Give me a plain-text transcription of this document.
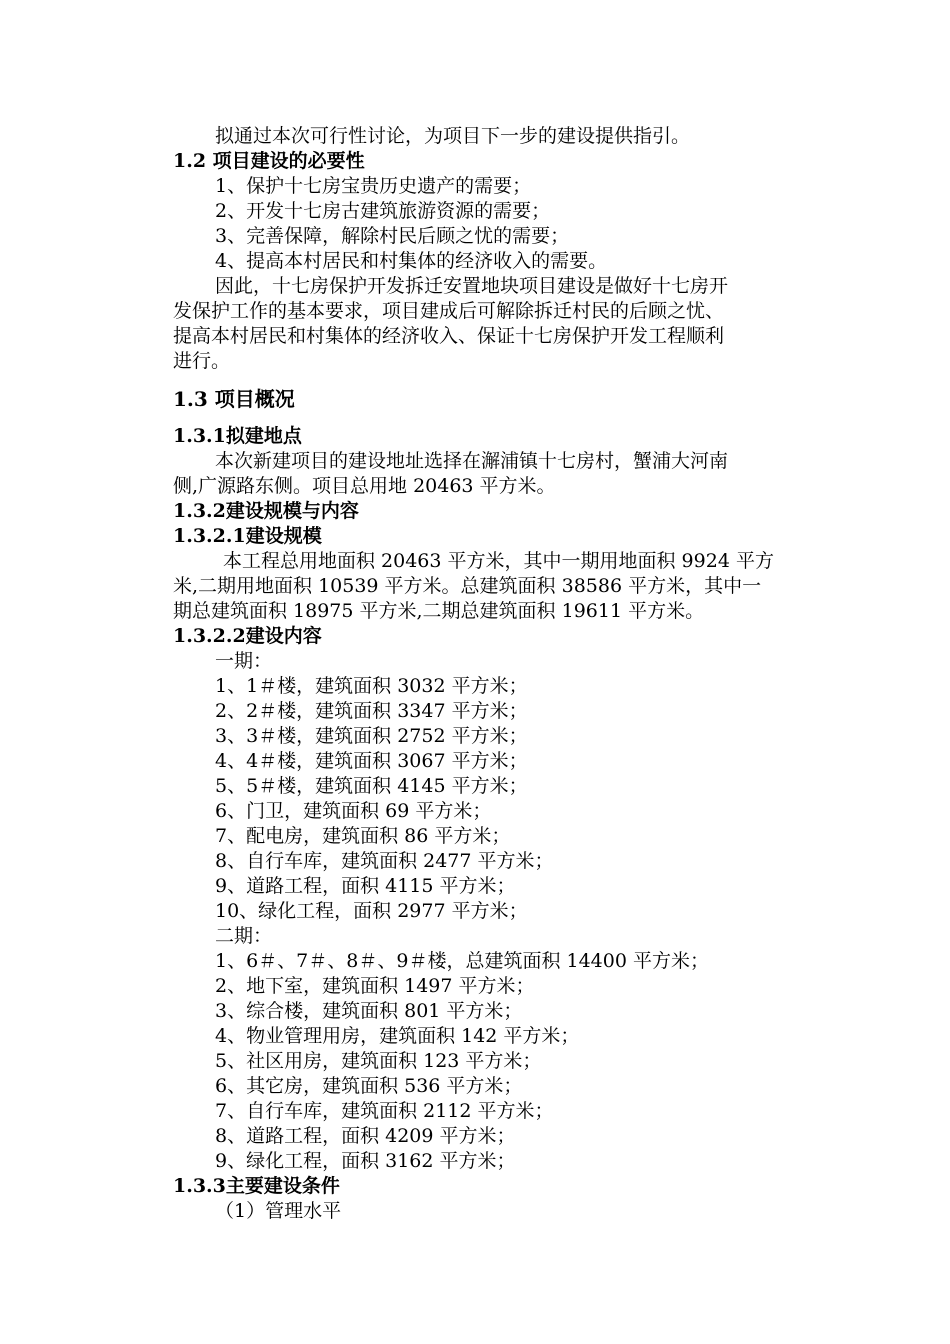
拟通过本次可行性讨论，为项目下一步的建设提供指引。
1.2 项目建设的必要性
1、保护十七房宝贵历史遗产的需要；
2、开发十七房古建筑旅游资源的需要；
3、完善保障，解除村民后顾之忧的需要；
4、提高本村居民和村集体的经济收入的需要。
因此，十七房保护开发拆迁安置地块项目建设是做好十七房开
发保护工作的基本要求，项目建成后可解除拆迁村民的后顾之忧、
提高本村居民和村集体的经济收入、保证十七房保护开发工程顺利
进行。
1.3 项目概况
1.3.1拟建地点
本次新建项目的建设地址选择在澥浦镇十七房村，蟹浦大河南
侧,广源路东侧。项目总用地 20463 平方米。
1.3.2建设规模与内容
1.3.2.1建设规模
本工程总用地面积 20463 平方米，其中一期用地面积 9924 平方
米,二期用地面积 10539 平方米。总建筑面积 38586 平方米，其中一
期总建筑面积 18975 平方米,二期总建筑面积 19611 平方米。
1.3.2.2建设内容
一期：
1、1＃楼，建筑面积 3032 平方米；
2、2＃楼，建筑面积 3347 平方米；
3、3＃楼，建筑面积 2752 平方米；
4、4＃楼，建筑面积 3067 平方米；
5、5＃楼，建筑面积 4145 平方米；
6、门卫，建筑面积 69 平方米；
7、配电房，建筑面积 86 平方米；
8、自行车库，建筑面积 2477 平方米；
9、道路工程，面积 4115 平方米；
10、绿化工程，面积 2977 平方米；
二期：
1、6＃、7＃、8＃、9＃楼，总建筑面积 14400 平方米；
2、地下室，建筑面积 1497 平方米；
3、综合楼，建筑面积 801 平方米；
4、物业管理用房，建筑面积 142 平方米；
5、社区用房，建筑面积 123 平方米；
6、其它房，建筑面积 536 平方米；
7、自行车库，建筑面积 2112 平方米；
8、道路工程，面积 4209 平方米；
9、绿化工程，面积 3162 平方米；
1.3.3主要建设条件
（1）管理水平
